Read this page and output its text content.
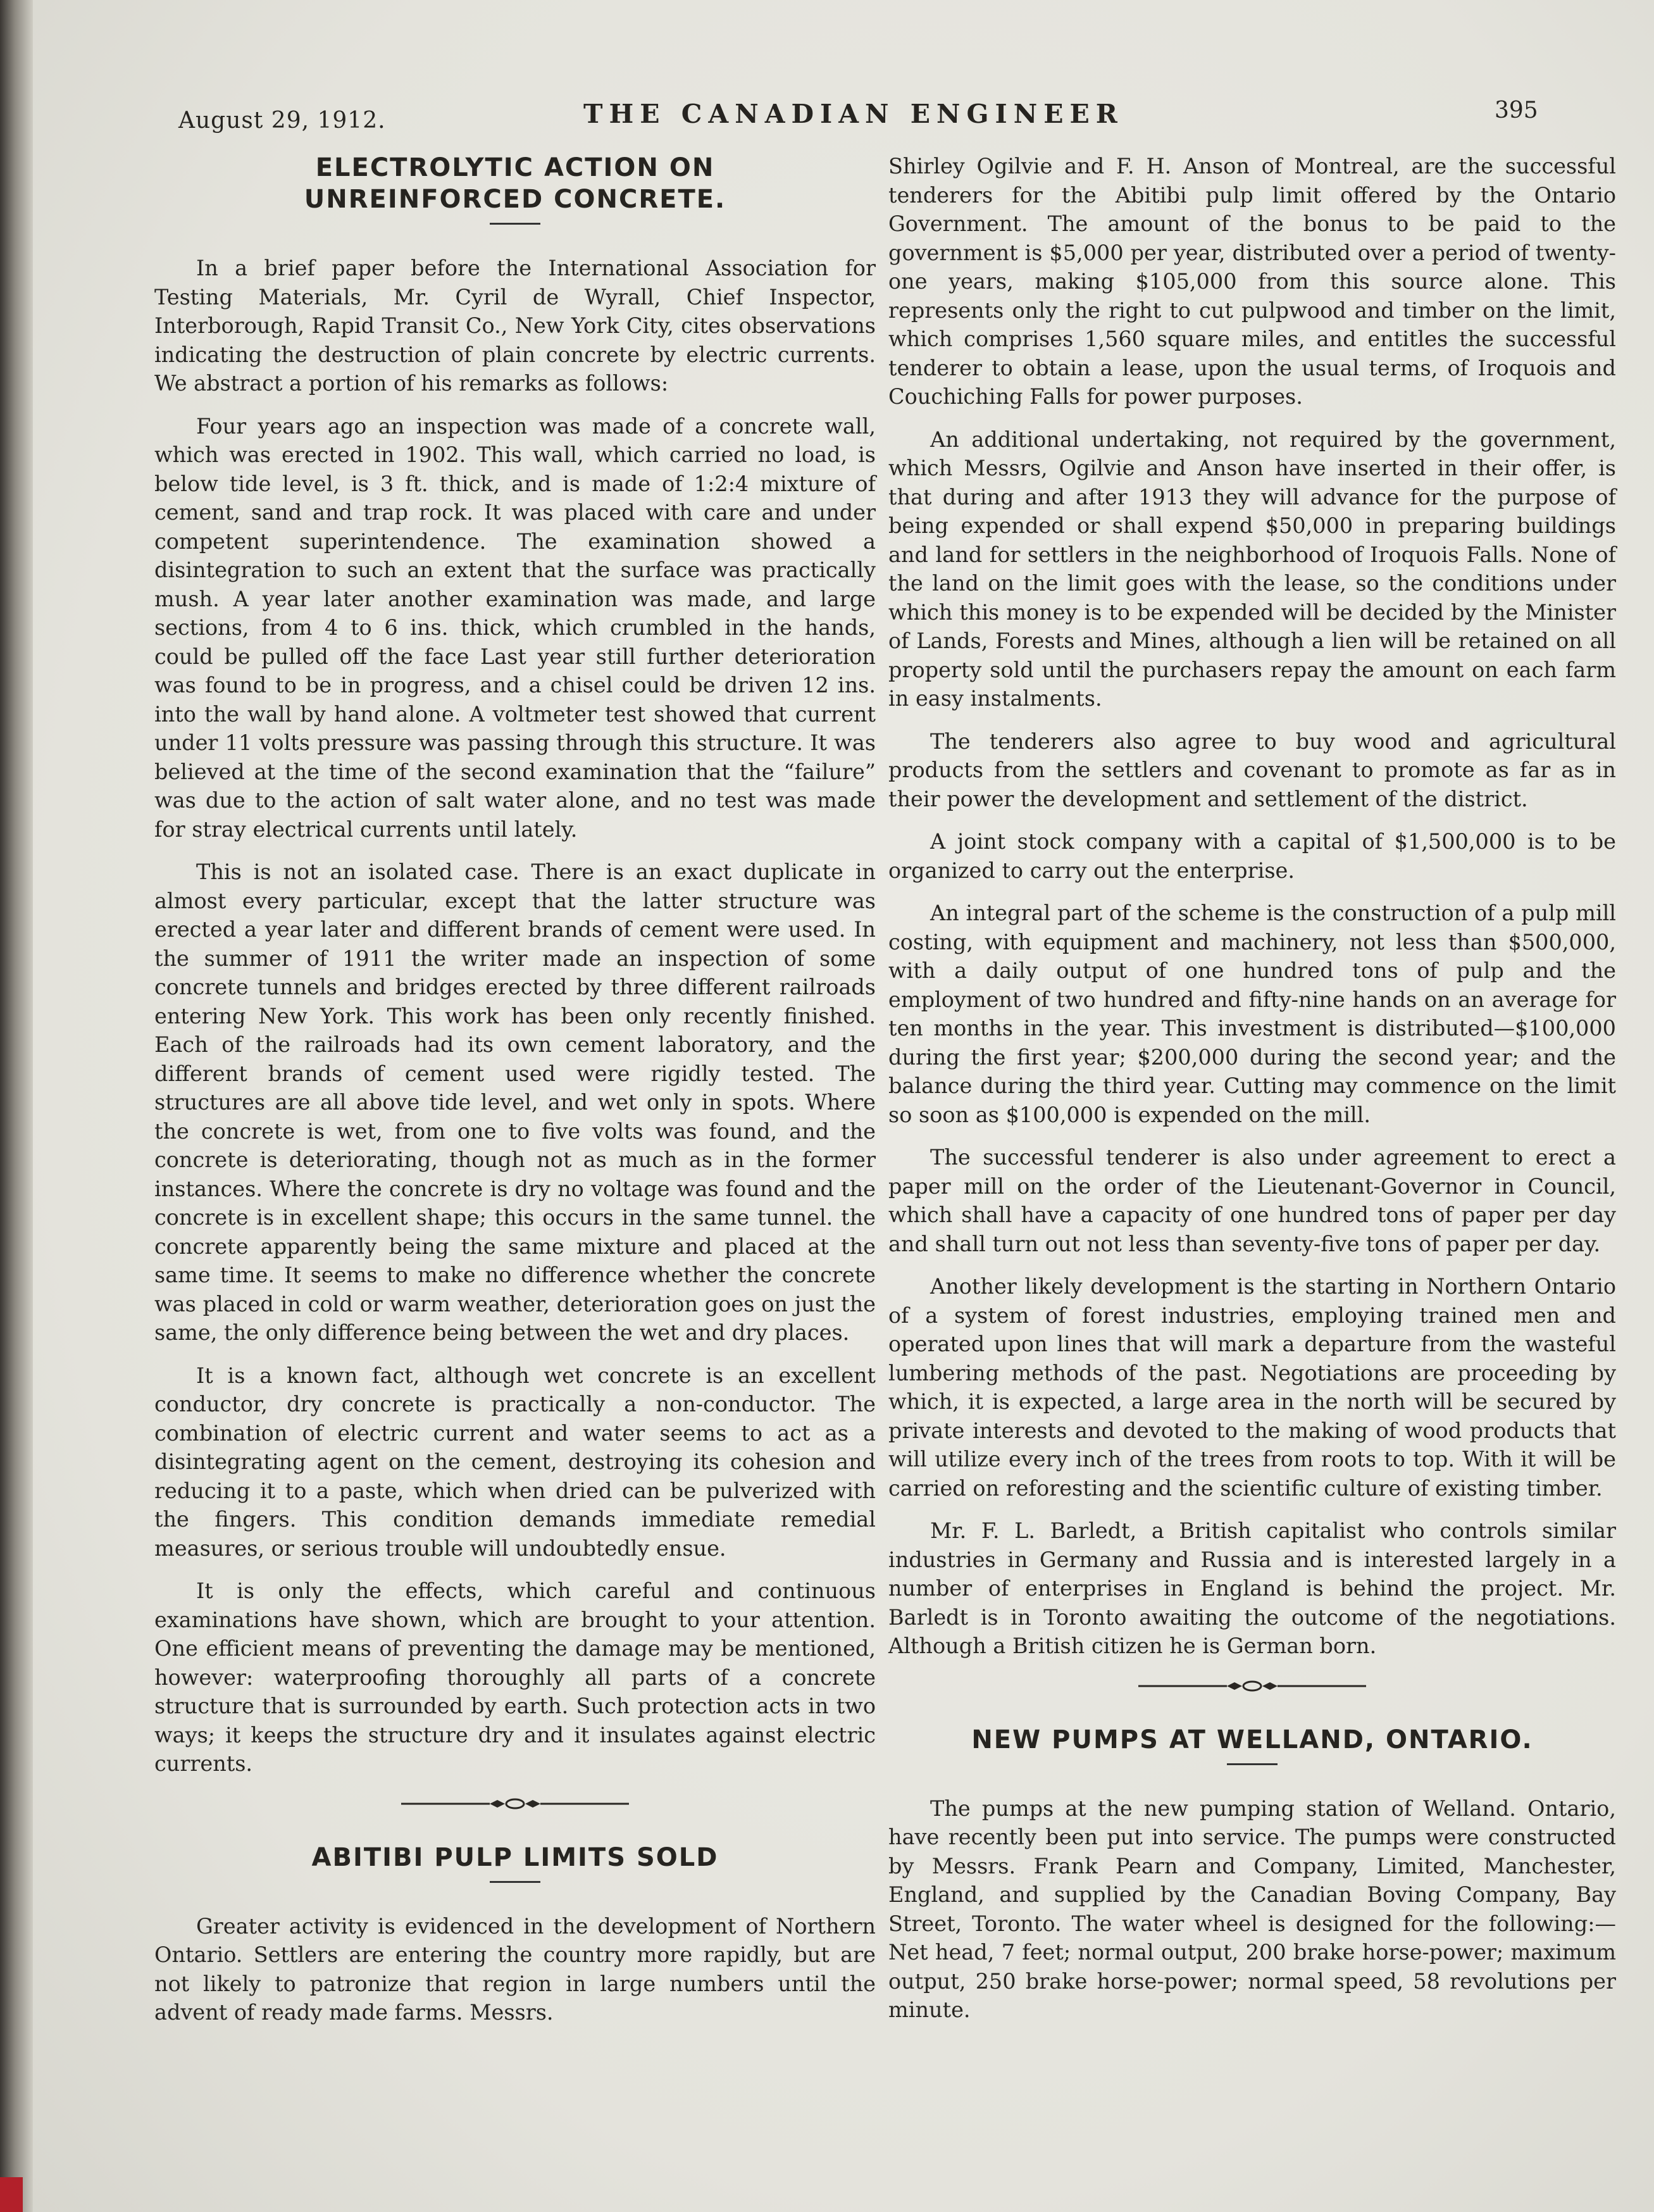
August 29, 1912.	THE CANADIAN ENGINEER	395
ELECTROLYTIC ACTION ON UNREINFORCED CONCRETE.

In a brief paper before the International Association for Testing Materials, Mr. Cyril de Wyrall, Chief Inspector, Interborough, Rapid Transit Co., New York City, cites observations indicating the destruction of plain concrete by electric currents. We abstract a portion of his remarks as follows:

Four years ago an inspection was made of a concrete wall, which was erected in 1902. This wall, which carried no load, is below tide level, is 3 ft. thick, and is made of 1:2:4 mixture of cement, sand and trap rock. It was placed with care and under competent superintendence. The examination showed a disintegration to such an extent that the surface was practically mush. A year later another examination was made, and large sections, from 4 to 6 ins. thick, which crumbled in the hands, could be pulled off the face Last year still further deterioration was found to be in progress, and a chisel could be driven 12 ins. into the wall by hand alone. A voltmeter test showed that current under 11 volts pressure was passing through this structure. It was believed at the time of the second examination that the “failure” was due to the action of salt water alone, and no test was made for stray electrical currents until lately.

This is not an isolated case. There is an exact duplicate in almost every particular, except that the latter structure was erected a year later and different brands of cement were used. In the summer of 1911 the writer made an inspection of some concrete tunnels and bridges erected by three different railroads entering New York. This work has been only recently finished. Each of the railroads had its own cement laboratory, and the different brands of cement used were rigidly tested. The structures are all above tide level, and wet only in spots. Where the concrete is wet, from one to five volts was found, and the concrete is deteriorating, though not as much as in the former instances. Where the concrete is dry no voltage was found and the concrete is in excellent shape; this occurs in the same tunnel. the concrete apparently being the same mixture and placed at the same time. It seems to make no difference whether the concrete was placed in cold or warm weather, deterioration goes on just the same, the only difference being between the wet and dry places.

It is a known fact, although wet concrete is an excellent conductor, dry concrete is practically a non-conductor. The combination of electric current and water seems to act as a disintegrating agent on the cement, destroying its cohesion and reducing it to a paste, which when dried can be pulverized with the fingers. This condition demands immediate remedial measures, or serious trouble will undoubtedly ensue.

It is only the effects, which careful and continuous examinations have shown, which are brought to your attention. One efficient means of preventing the damage may be mentioned, however: waterproofing thoroughly all parts of a concrete structure that is surrounded by earth. Such protection acts in two ways; it keeps the structure dry and it insulates against electric currents.

ABITIBI PULP LIMITS SOLD

Greater activity is evidenced in the development of Northern Ontario. Settlers are entering the country more rapidly, but are not likely to patronize that region in large numbers until the advent of ready made farms. Messrs.

Shirley Ogilvie and F. H. Anson of Montreal, are the successful tenderers for the Abitibi pulp limit offered by the Ontario Government. The amount of the bonus to be paid to the government is $5,000 per year, distributed over a period of twenty-one years, making $105,000 from this source alone. This represents only the right to cut pulpwood and timber on the limit, which comprises 1,560 square miles, and entitles the successful tenderer to obtain a lease, upon the usual terms, of Iroquois and Couchiching Falls for power purposes.

An additional undertaking, not required by the government, which Messrs, Ogilvie and Anson have inserted in their offer, is that during and after 1913 they will advance for the purpose of being expended or shall expend $50,000 in preparing buildings and land for settlers in the neighborhood of Iroquois Falls. None of the land on the limit goes with the lease, so the conditions under which this money is to be expended will be decided by the Minister of Lands, Forests and Mines, although a lien will be retained on all property sold until the purchasers repay the amount on each farm in easy instalments.

The tenderers also agree to buy wood and agricultural products from the settlers and covenant to promote as far as in their power the development and settlement of the district.

A joint stock company with a capital of $1,500,000 is to be organized to carry out the enterprise.

An integral part of the scheme is the construction of a pulp mill costing, with equipment and machinery, not less than $500,000, with a daily output of one hundred tons of pulp and the employment of two hundred and fifty-nine hands on an average for ten months in the year. This investment is distributed—$100,000 during the first year; $200,000 during the second year; and the balance during the third year. Cutting may commence on the limit so soon as $100,000 is expended on the mill.

The successful tenderer is also under agreement to erect a paper mill on the order of the Lieutenant-Governor in Council, which shall have a capacity of one hundred tons of paper per day and shall turn out not less than seventy-five tons of paper per day.

Another likely development is the starting in Northern Ontario of a system of forest industries, employing trained men and operated upon lines that will mark a departure from the wasteful lumbering methods of the past. Negotiations are proceeding by which, it is expected, a large area in the north will be secured by private interests and devoted to the making of wood products that will utilize every inch of the trees from roots to top. With it will be carried on reforesting and the scientific culture of existing timber.

Mr. F. L. Barledt, a British capitalist who controls similar industries in Germany and Russia and is interested largely in a number of enterprises in England is behind the project. Mr. Barledt is in Toronto awaiting the outcome of the negotiations. Although a British citizen he is German born.

NEW PUMPS AT WELLAND, ONTARIO.

The pumps at the new pumping station of Welland. Ontario, have recently been put into service. The pumps were constructed by Messrs. Frank Pearn and Company, Limited, Manchester, England, and supplied by the Canadian Boving Company, Bay Street, Toronto. The water wheel is designed for the following:—Net head, 7 feet; normal output, 200 brake horse-power; maximum output, 250 brake horse-power; normal speed, 58 revolutions per minute.
